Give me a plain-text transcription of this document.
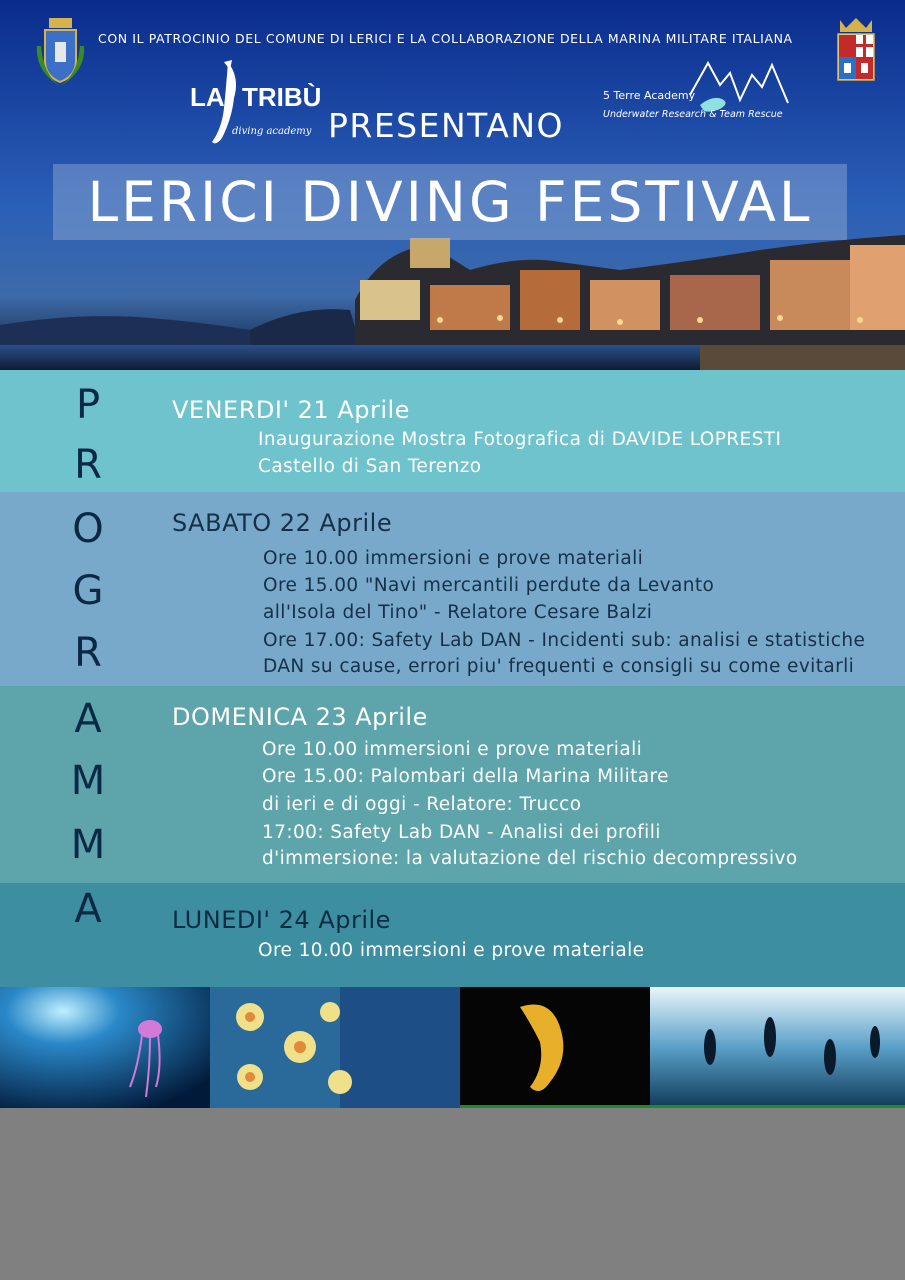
CON IL PATROCINIO DEL COMUNE DI LERICI E LA COLLABORAZIONE DELLA MARINA MILITARE ITALIANA
LA TRIBÙ
diving academy PRESENTANO
5 Terre Academy
Underwater Research & Team Rescue
LERICI DIVING FESTIVAL
VENERDI' 21 Aprile
Inaugurazione Mostra Fotografica di DAVIDE LOPRESTI
Castello di San Terenzo
SABATO 22 Aprile
Ore 10.00 immersioni e prove materiali
Ore 15.00 "Navi mercantili perdute da Levanto
all'Isola del Tino" - Relatore Cesare Balzi
Ore 17.00: Safety Lab DAN - Incidenti sub: analisi e statistiche
DAN su cause, errori piu' frequenti e consigli su come evitarli
DOMENICA 23 Aprile
Ore 10.00 immersioni e prove materiali
Ore 15.00: Palombari della Marina Militare
di ieri e di oggi - Relatore: Trucco
17:00: Safety Lab DAN - Analisi dei profili
d'immersione: la valutazione del rischio decompressivo
LUNEDI' 24 Aprile
Ore 10.00 immersioni e prove materiale
P
R
O
G
R
A
M
M
A
